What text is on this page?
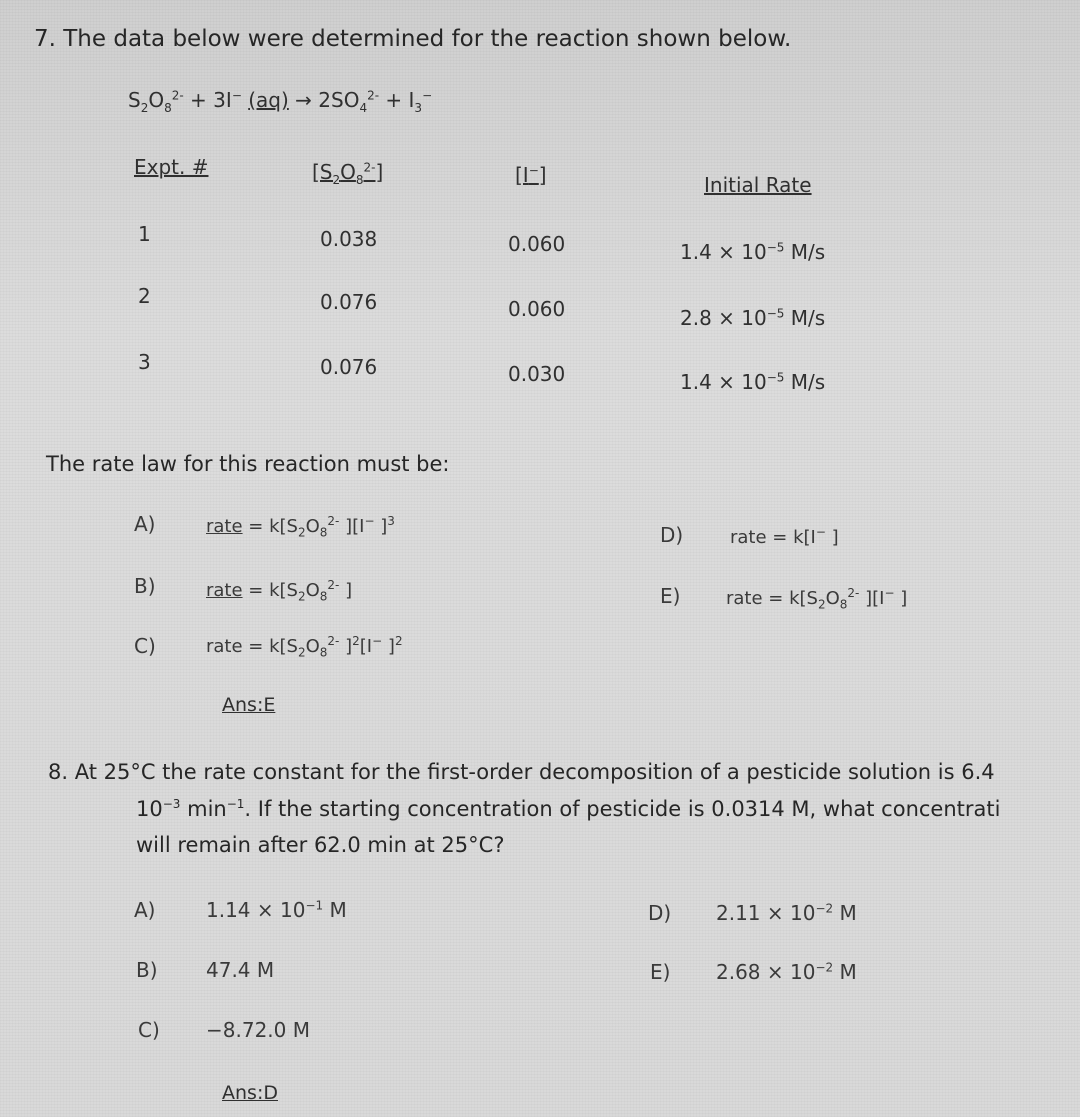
7. The data below were determined for the reaction shown below.
$S_2O_8^{2-} + 3I^-$ $(aq) \to 2SO_4^{2-} + I_3^-$
Expt. #	$[S_2O_8^{2-}]$	[I−]	Initial Rate
1	0.038	0.060	$1.4 \times 10^{-5}$ M/s
2	0.076	0.060	$2.8 \times 10^{-5}$ M/s
3	0.076	0.030	$1.4 \times 10^{-5}$ M/s
The rate law for this reaction must be:
A)	rate = $k[S_2O_8^{2-}$ ][I− ]$^3$
B)	rate = $k[S_2O_8^{2-}$ ]
C)	rate = $k[S_2O_8^{2-}$ ]$^2$[I− ]$^2$
D)	rate = k[I− ]
E)	rate = $k[S_2O_8^{2-}$ ][I− ]
Ans:E
8. At 25°C the rate constant for the first-order decomposition of a pesticide solution is 6.4
$10^{-3}$ $\min^{-1}$. If the starting concentration of pesticide is 0.0314 M, what concentrati
will remain after 62.0 min at 25°C?
A)	$1.14 \times 10^{-1}$ M
B) 47.4 M
C) −8.72.0 M
D) $2.11 \times 10^{-2}$ M
E) $2.68 \times 10^{-2}$ M
Ans:D
